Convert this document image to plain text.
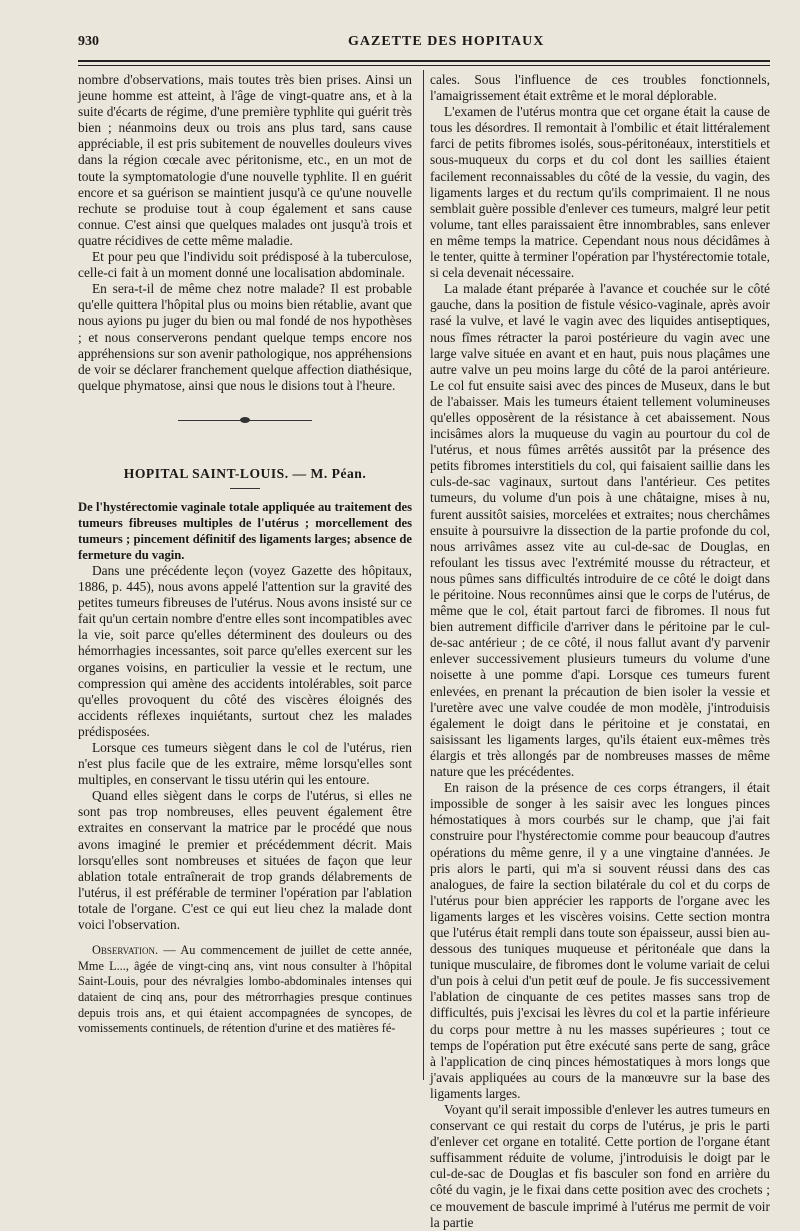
930	GAZETTE DES HOPITAUX

nombre d'observations, mais toutes très bien prises. Ainsi un jeune homme est atteint, à l'âge de vingt-quatre ans, et à la suite d'écarts de régime, d'une première typhlite qui guérit très bien ; néanmoins deux ou trois ans plus tard, sans cause appréciable, il est pris subitement de nouvelles douleurs vives dans la région cœcale avec péritonisme, etc., en un mot de toute la symptomatologie d'une nouvelle typhlite. Il en guérit encore et sa guérison se maintient jusqu'à ce qu'une nouvelle rechute se produise tout à coup également et sans cause connue. C'est ainsi que quelques malades ont jusqu'à trois et quatre récidives de cette même maladie.

Et pour peu que l'individu soit prédisposé à la tuberculose, celle-ci fait à un moment donné une localisation abdominale.

En sera-t-il de même chez notre malade? Il est probable qu'elle quittera l'hôpital plus ou moins bien rétablie, avant que nous ayions pu juger du bien ou mal fondé de nos hypothèses ; et nous conserverons pendant quelque temps encore nos appréhensions sur son avenir pathologique, nos appréhensions de voir se déclarer franchement quelque affection diathésique, quelque phymatose, ainsi que nous le disions tout à l'heure.

HOPITAL SAINT-LOUIS. — M. Péan.

De l'hystérectomie vaginale totale appliquée au traitement des tumeurs fibreuses multiples de l'utérus ; morcellement des tumeurs ; pincement définitif des ligaments larges; absence de fermeture du vagin.

Dans une précédente leçon (voyez Gazette des hôpitaux, 1886, p. 445), nous avons appelé l'attention sur la gravité des petites tumeurs fibreuses de l'utérus. Nous avons insisté sur ce fait qu'un certain nombre d'entre elles sont incompatibles avec la vie, soit parce qu'elles déterminent des douleurs ou des hémorrhagies incessantes, soit parce qu'elles exercent sur les organes voisins, en particulier la vessie et le rectum, une compression qui amène des accidents intolérables, soit parce qu'elles provoquent du côté des viscères éloignés des accidents réflexes inquiétants, surtout chez les malades prédisposées.

Lorsque ces tumeurs siègent dans le col de l'utérus, rien n'est plus facile que de les extraire, même lorsqu'elles sont multiples, en conservant le tissu utérin qui les entoure.

Quand elles siègent dans le corps de l'utérus, si elles ne sont pas trop nombreuses, elles peuvent également être extraites en conservant la matrice par le procédé que nous avons imaginé le premier et précédemment décrit. Mais lorsqu'elles sont nombreuses et situées de façon que leur ablation totale entraînerait de trop grands délabrements de l'utérus, il est préférable de terminer l'opération par l'ablation totale de l'organe. C'est ce qui eut lieu chez la malade dont voici l'observation.

Observation. — Au commencement de juillet de cette année, Mme L..., âgée de vingt-cinq ans, vint nous consulter à l'hôpital Saint-Louis, pour des névralgies lombo-abdominales intenses qui dataient de cinq ans, pour des métrorrhagies presque continues depuis trois ans, et qui étaient accompagnées de syncopes, de vomissements continuels, de rétention d'urine et des matières fé-

cales. Sous l'influence de ces troubles fonctionnels, l'amaigrissement était extrême et le moral déplorable.

L'examen de l'utérus montra que cet organe était la cause de tous les désordres. Il remontait à l'ombilic et était littéralement farci de petits fibromes isolés, sous-péritonéaux, interstitiels et sous-muqueux du corps et du col dont les saillies étaient facilement reconnaissables du côté de la vessie, du vagin, des ligaments larges et du rectum qu'ils comprimaient. Il ne nous semblait guère possible d'enlever ces tumeurs, malgré leur petit volume, tant elles paraissaient être innombrables, sans enlever en même temps la matrice. Cependant nous nous décidâmes à le tenter, quitte à terminer l'opération par l'hystérectomie totale, si cela devenait nécessaire.

La malade étant préparée à l'avance et couchée sur le côté gauche, dans la position de fistule vésico-vaginale, après avoir rasé la vulve, et lavé le vagin avec des liquides antiseptiques, nous fîmes rétracter la paroi postérieure du vagin avec une large valve située en avant et en haut, puis nous plaçâmes une autre valve un peu moins large du côté de la paroi antérieure. Le col fut ensuite saisi avec des pinces de Museux, dans le but de l'abaisser. Mais les tumeurs étaient tellement volumineuses qu'elles opposèrent de la résistance à cet abaissement. Nous incisâmes alors la muqueuse du vagin au pourtour du col de l'utérus, et nous fûmes arrêtés aussitôt par la présence des petits fibromes interstitiels du col, qui faisaient saillie dans les culs-de-sac vaginaux, surtout dans l'antérieur. Ces petites tumeurs, du volume d'un pois à une châtaigne, mises à nu, furent aussitôt saisies, morcelées et extraites; nous cherchâmes ensuite à poursuivre la dissection de la partie profonde du col, nous arrivâmes assez vite au cul-de-sac de Douglas, en refoulant les tissus avec l'extrémité mousse du rétracteur, et nous pûmes sans difficultés introduire de ce côté le doigt dans le péritoine. Nous reconnûmes ainsi que le corps de l'utérus, de même que le col, était partout farci de fibromes. Il nous fut bien autrement difficile d'arriver dans le péritoine par le cul-de-sac antérieur ; de ce côté, il nous fallut avant d'y parvenir enlever successivement plusieurs tumeurs du volume d'une noisette à une pomme d'api. Lorsque ces tumeurs furent enlevées, en prenant la précaution de bien isoler la vessie et l'uretère avec une valve coudée de mon modèle, j'introduisis également le doigt dans le péritoine et je constatai, en saisissant les ligaments larges, qu'ils étaient eux-mêmes très élargis et très allongés par de nombreuses masses de même nature que les précédentes.

En raison de la présence de ces corps étrangers, il était impossible de songer à les saisir avec les longues pinces hémostatiques à mors courbés sur le champ, que j'ai fait construire pour l'hystérectomie comme pour beaucoup d'autres opérations du même genre, il y a une vingtaine d'années. Je pris alors le parti, qui m'a si souvent réussi dans des cas analogues, de faire la section bilatérale du col et du corps de l'utérus pour bien apprécier les rapports de l'organe avec les ligaments larges et les viscères voisins. Cette section montra que l'utérus était rempli dans toute son épaisseur, aussi bien au-dessous des tuniques muqueuse et péritonéale que dans la tunique musculaire, de fibromes dont le volume variait de celui d'un pois à celui d'un petit œuf de poule. Je fis successivement l'ablation de cinquante de ces petites masses sans trop de difficultés, puis j'excisai les lèvres du col et la partie inférieure du corps pour mettre à nu les masses supérieures ; tout ce temps de l'opération put être exécuté sans perte de sang, grâce à l'application de cinq pinces hémostatiques à mors longs que j'avais appliquées au cours de la manœuvre sur la base des ligaments larges.

Voyant qu'il serait impossible d'enlever les autres tumeurs en conservant ce qui restait du corps de l'utérus, je pris le parti d'enlever cet organe en totalité. Cette portion de l'organe étant suffisamment réduite de volume, j'introduisis le doigt par le cul-de-sac de Douglas et fis basculer son fond en arrière du côté du vagin, je le fixai dans cette position avec des crochets ; ce mouvement de bascule imprimé à l'utérus me permit de voir la partie
